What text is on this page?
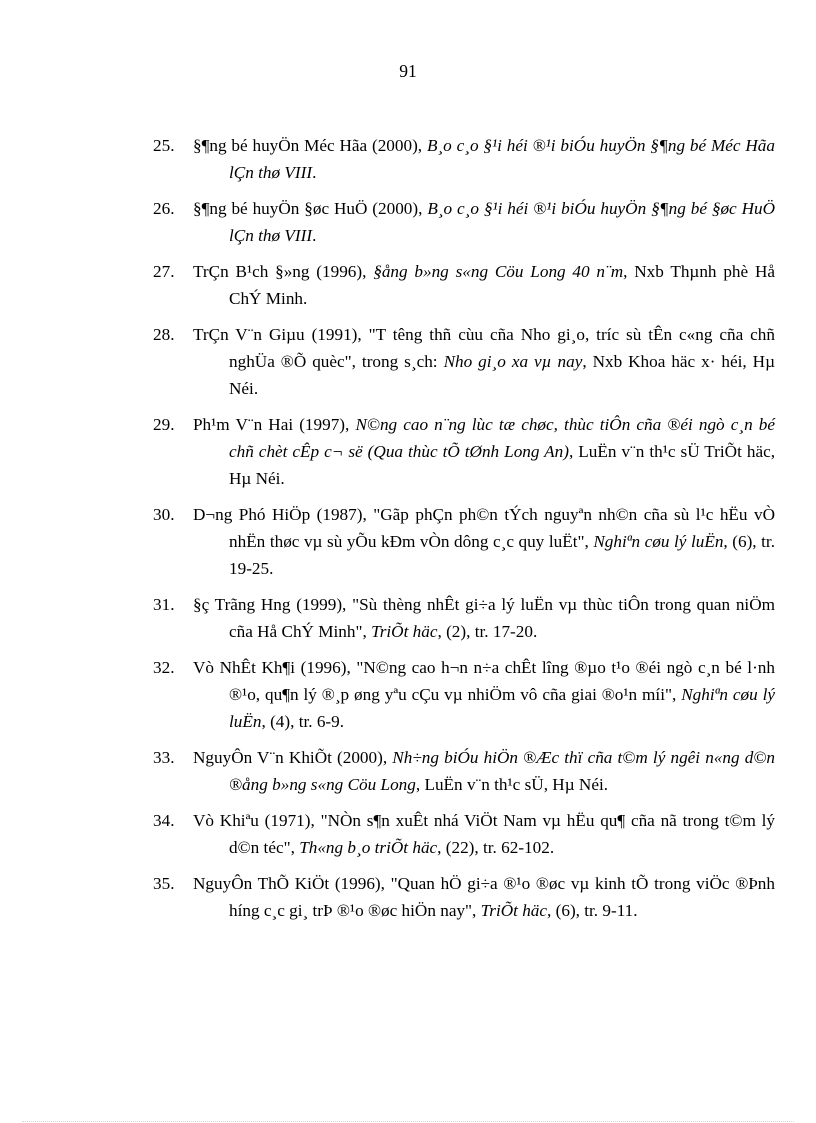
91
25. §¶ng bé huyÖn Méc Hãa (2000), B¸o c¸o §¹i héi ®¹i biÓu huyÖn §¶ng bé Méc Hãa lÇn thø VIII.
26. §¶ng bé huyÖn §øc HuÖ (2000), B¸o c¸o §¹i héi ®¹i biÓu huyÖn §¶ng bé §øc HuÖ lÇn thø VIII.
27. TrÇn B¹ch §»ng (1996), §ång b»ng s«ng Cöu Long 40 n¨m, Nxb Thµnh phè Hå ChÝ Minh.
28. TrÇn V¨n Giµu (1991), "T têng thñ cùu cña Nho gi¸o, tríc sù tÊn c«ng cña chñ nghÜa ®Õ quèc", trong s¸ch: Nho gi¸o xa vµ nay, Nxb Khoa häc x· héi, Hµ Néi.
29. Ph¹m V¨n Hai (1997), N©ng cao n¨ng lùc tæ chøc, thùc tiÔn cña ®éi ngò c¸n bé chñ chèt cÊp c¬ së (Qua thùc tÕ tØnh Long An), LuËn v¨n th¹c sÜ TriÕt häc, Hµ Néi.
30. D¬ng Phó HiÖp (1987), "Gãp phÇn ph©n tÝch nguyªn nh©n cña sù l¹c hËu vÒ nhËn thøc vµ sù yÕu kÐm vÒn dông c¸c quy luËt", Nghiªn cøu lý luËn, (6), tr. 19-25.
31. §ç Trãng Hng (1999), "Sù thèng nhÊt gi÷a lý luËn vµ thùc tiÔn trong quan niÖm cña Hå ChÝ Minh", TriÕt häc, (2), tr. 17-20.
32. Vò NhÊt Kh¶i (1996), "N©ng cao h¬n n÷a chÊt lîng ®µo t¹o ®éi ngò c¸n bé l·nh ®¹o, qu¶n lý ®¸p øng yªu cÇu vµ nhiÖm vô cña giai ®o¹n míi", Nghiªn cøu lý luËn, (4), tr. 6-9.
33. NguyÔn V¨n KhiÕt (2000), Nh÷ng biÓu hiÖn ®Æc thï cña t©m lý ngêi n«ng d©n ®ång b»ng s«ng Cöu Long, LuËn v¨n th¹c sÜ, Hµ Néi.
34. Vò Khiªu (1971), "NÒn s¶n xuÊt nhá ViÖt Nam vµ hËu qu¶ cña nã trong t©m lý d©n téc", Th«ng b¸o triÕt häc, (22), tr. 62-102.
35. NguyÔn ThÕ KiÖt (1996), "Quan hÖ gi÷a ®¹o ®øc vµ kinh tÕ trong viÖc ®Þnh híng c¸c gi¸ trÞ ®¹o ®øc hiÖn nay", TriÕt häc, (6), tr. 9-11.
